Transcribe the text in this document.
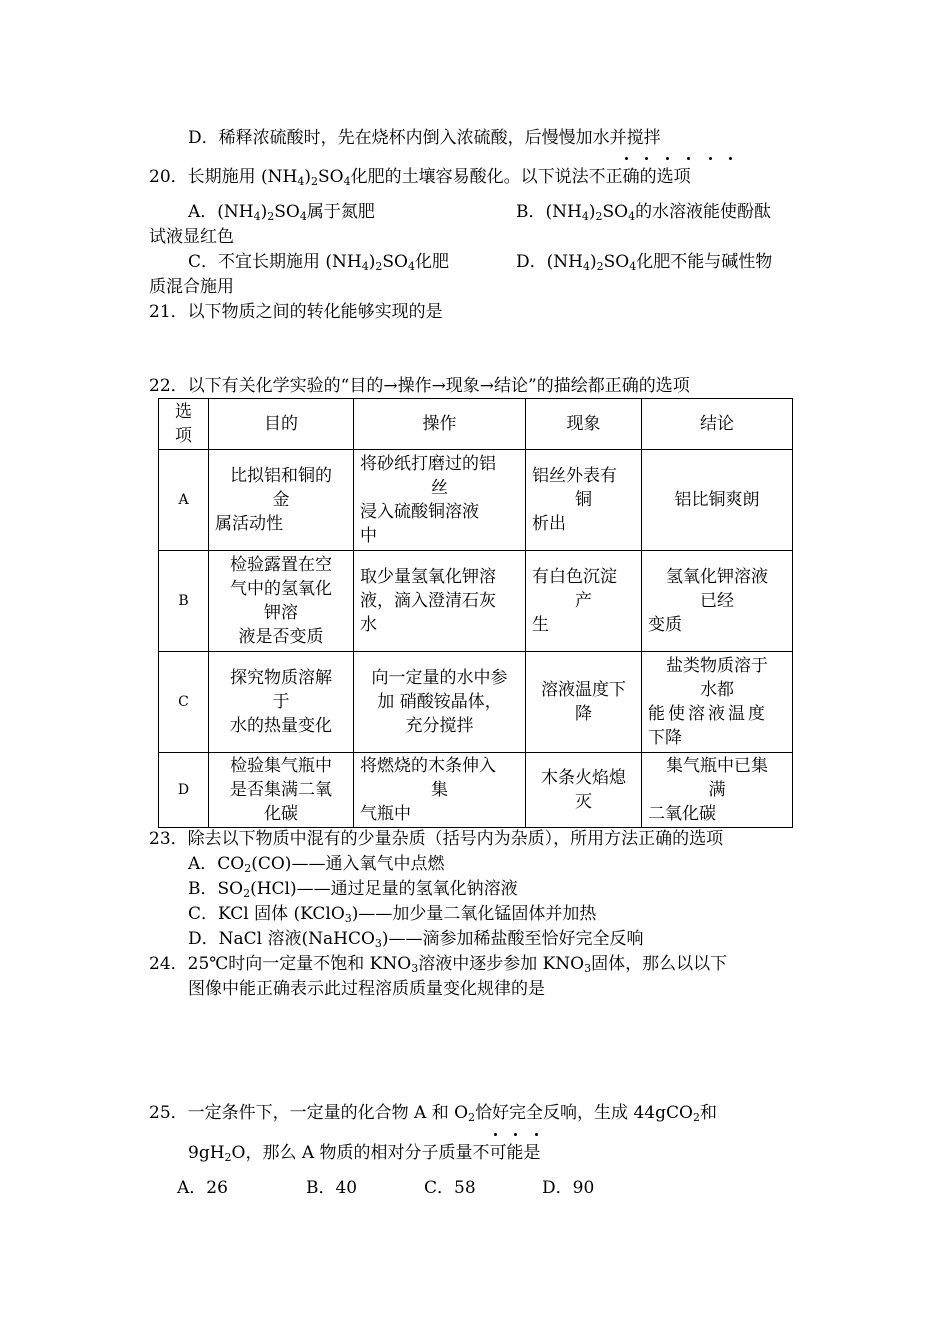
D．稀释浓硫酸时，先在烧杯内倒入浓硫酸，后慢慢加水并搅拌
20．长期施用 $(NH_4)_2SO_4$化肥的土壤容易酸化。以下说法不正确的选项
A．$(NH_4)_2SO_4$属于氮肥	B．$(NH_4)_2SO_4$的水溶液能使酚酞
试液显红色
C．不宜长期施用 $(NH_4)_2SO_4$化肥	D．$(NH_4)_2SO_4$化肥不能与碱性物
质混合施用
21．以下物质之间的转化能够实现的是
22．以下有关化学实验的“目的→操作→现象→结论”的描绘都正确的选项
选
项	目的	操作	现象	结论
A	比拟铝和铜的
金
属活动性	将砂纸打磨过的铝
丝
浸入硫酸铜溶液
中	铝丝外表有
铜
析出	铝比铜爽朗

B	检验露置在空
气中的氢氧化
钾溶
液是否变质	取少量氢氧化钾溶
液，滴入澄清石灰
水	有白色沉淀
产
生	氢氧化钾溶液
已经
变质

C	探究物质溶解
于
水的热量变化	向一定量的水中参
加 硝酸铵晶体，
充分搅拌	溶液温度下
降	盐类物质溶于
水都
能使溶液温度
下降

D	检验集气瓶中
是否集满二氧
化碳	将燃烧的木条伸入
集
气瓶中	木条火焰熄
灭	集气瓶中已集
满
二氧化碳
23．除去以下物质中混有的少量杂质（括号内为杂质），所用方法正确的选项
A．$CO_2(CO)——$通入氧气中点燃
B．$SO_2(HCl)——$通过足量的氢氧化钠溶液
C．KCl 固体 (KClO$_3$)——加少量二氧化锰固体并加热
D．NaCl 溶液(NaHCO$_3$)——滴参加稀盐酸至恰好完全反响
24．25℃时向一定量不饱和 $KNO_3$溶液中逐步参加 $KNO_3$固体，那么以以下
图像中能正确表示此过程溶质质量变化规律的是
25．一定条件下，一定量的化合物 A 和 $O_2$恰好完全反响，生成 44gCO$_2$和
$9gH_2O$，那么 A 物质的相对分子质量不可能是
A．26	B．40	C．58	D．90
